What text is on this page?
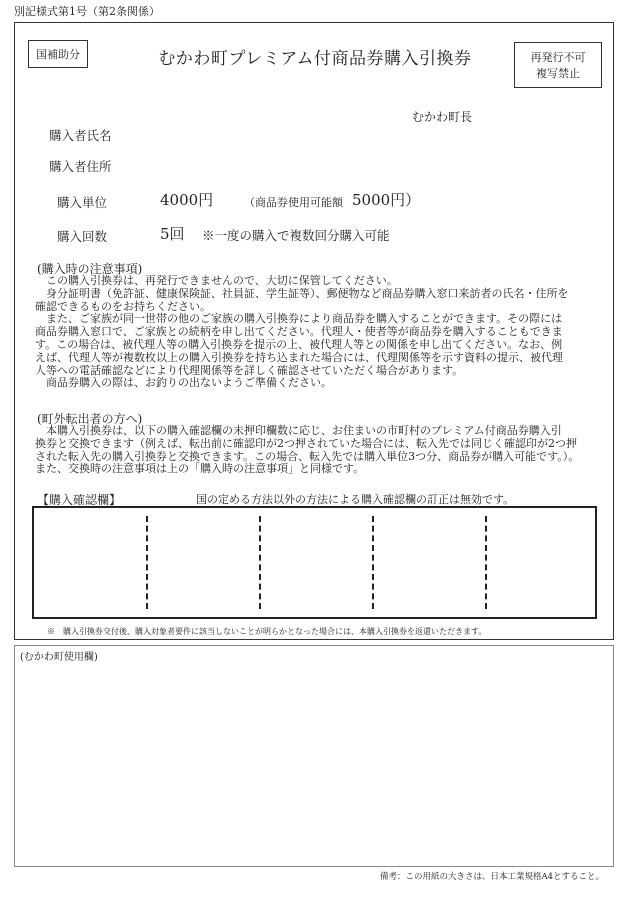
別記様式第1号（第2条関係）
国補助分	むかわ町プレミアム付商品券購入引換券	再発行不可
複写禁止
むかわ町長
購入者氏名
購入者住所
購入単位	4000円	（商品券使用可能額 5000円）
購入回数	5回 ※一度の購入で複数回分購入可能
(購入時の注意事項)
　この購入引換券は、再発行できませんので、大切に保管してください。
　身分証明書（免許証、健康保険証、社員証、学生証等）、郵便物など商品券購入窓口来訪者の氏名・住所を
確認できるものをお持ちください。
　また、ご家族が同一世帯の他のご家族の購入引換券により商品券を購入することができます。その際には
商品券購入窓口で、ご家族との続柄を申し出てください。代理人・使者等が商品券を購入することもできま
す。この場合は、被代理人等の購入引換券を提示の上、被代理人等との関係を申し出てください。なお、例
えば、代理人等が複数枚以上の購入引換券を持ち込まれた場合には、代理関係等を示す資料の提示、被代理
人等への電話確認などにより代理関係等を詳しく確認させていただく場合があります。
　商品券購入の際は、お釣りの出ないようご準備ください。
(町外転出者の方へ)
　本購入引換券は、以下の購入確認欄の未押印欄数に応じ、お住まいの市町村のプレミアム付商品券購入引
換券と交換できます（例えば、転出前に確認印が2つ押されていた場合には、転入先では同じく確認印が2つ押
された転入先の購入引換券と交換できます。この場合、転入先では購入単位3つ分、商品券が購入可能です。）。
また、交換時の注意事項は上の「購入時の注意事項」と同様です。
【購入確認欄】	国の定める方法以外の方法による購入確認欄の訂正は無効です。
※　購入引換券交付後、購入対象者要件に該当しないことが明らかとなった場合には、本購入引換券を返還いただきます。
(むかわ町使用欄)
備考：この用紙の大きさは、日本工業規格A4とすること。
